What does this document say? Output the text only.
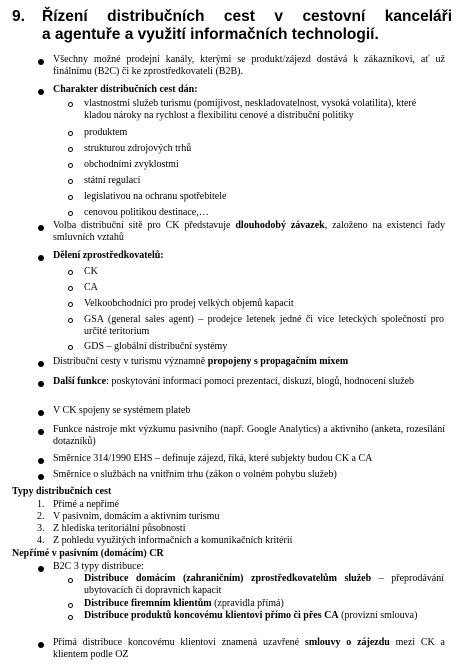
9. Řízení distribučních cest v cestovní kanceláři
a agentuře a využití informačních technologií.
Všechny možné prodejní kanály, kterými se produkt/zájezd dostává k zákazníkovi, ať už finálnímu (B2C) či ke zprostředkovateli (B2B).
Charakter distribučních cest dán:
vlastnostmi služeb turismu (pomíjivost, neskladovatelnost, vysoká volatilita), které kladou nároky na rychlost a flexibilitu cenové a distribuční politiky
produktem
strukturou zdrojových trhů
obchodními zvyklostmi
státní regulací
legislativou na ochranu spotřebitele
cenovou politikou destinace,…
Volba distribuční sítě pro CK představuje dlouhodobý závazek, založeno na existenci řady smluvních vztahů
Dělení zprostředkovatelů:
CK
CA
Velkoobchodníci pro prodej velkých objemů kapacit
GSA (general sales agent) – prodejce letenek jedné či více leteckých společností pro určité teritorium
GDS – globální distribuční systémy
Distribuční cesty v turismu významně propojeny s propagačním mixem
Další funkce: poskytování informací pomocí prezentací, diskuzí, blogů, hodnocení služeb
V CK spojeny se systémem plateb
Funkce nástroje mkt výzkumu pasivního (např. Google Analytics) a aktivního (anketa, rozesílání dotazníků)
Směrnice 314/1990 EHS – definuje zájezd, říká, které subjekty budou CK a CA
Směrnice o službách na vnitřním trhu (zákon o volném pohybu služeb)
Typy distribučních cest
1. Přímé a nepřímé
2. V pasivním, domácím a aktivním turismu
3. Z hlediska teritoriální působnosti
4. Z pohledu využitých informačních a komunikačních kritérií
Nepřímé v pasivním (domácím) CR
B2C 3 typy distribuce:
Distribuce domácím (zahraničním) zprostředkovatelům služeb – přeprodávání ubytovacích či dopravních kapacit
Distribuce firemním klientům (zpravidla přímá)
Distribuce produktů koncovému klientovi přímo či přes CA (provizní smlouva)
Přímá distribuce koncovému klientovi znamená uzavřené smlouvy o zájezdu mezi CK a klientem podle OZ
